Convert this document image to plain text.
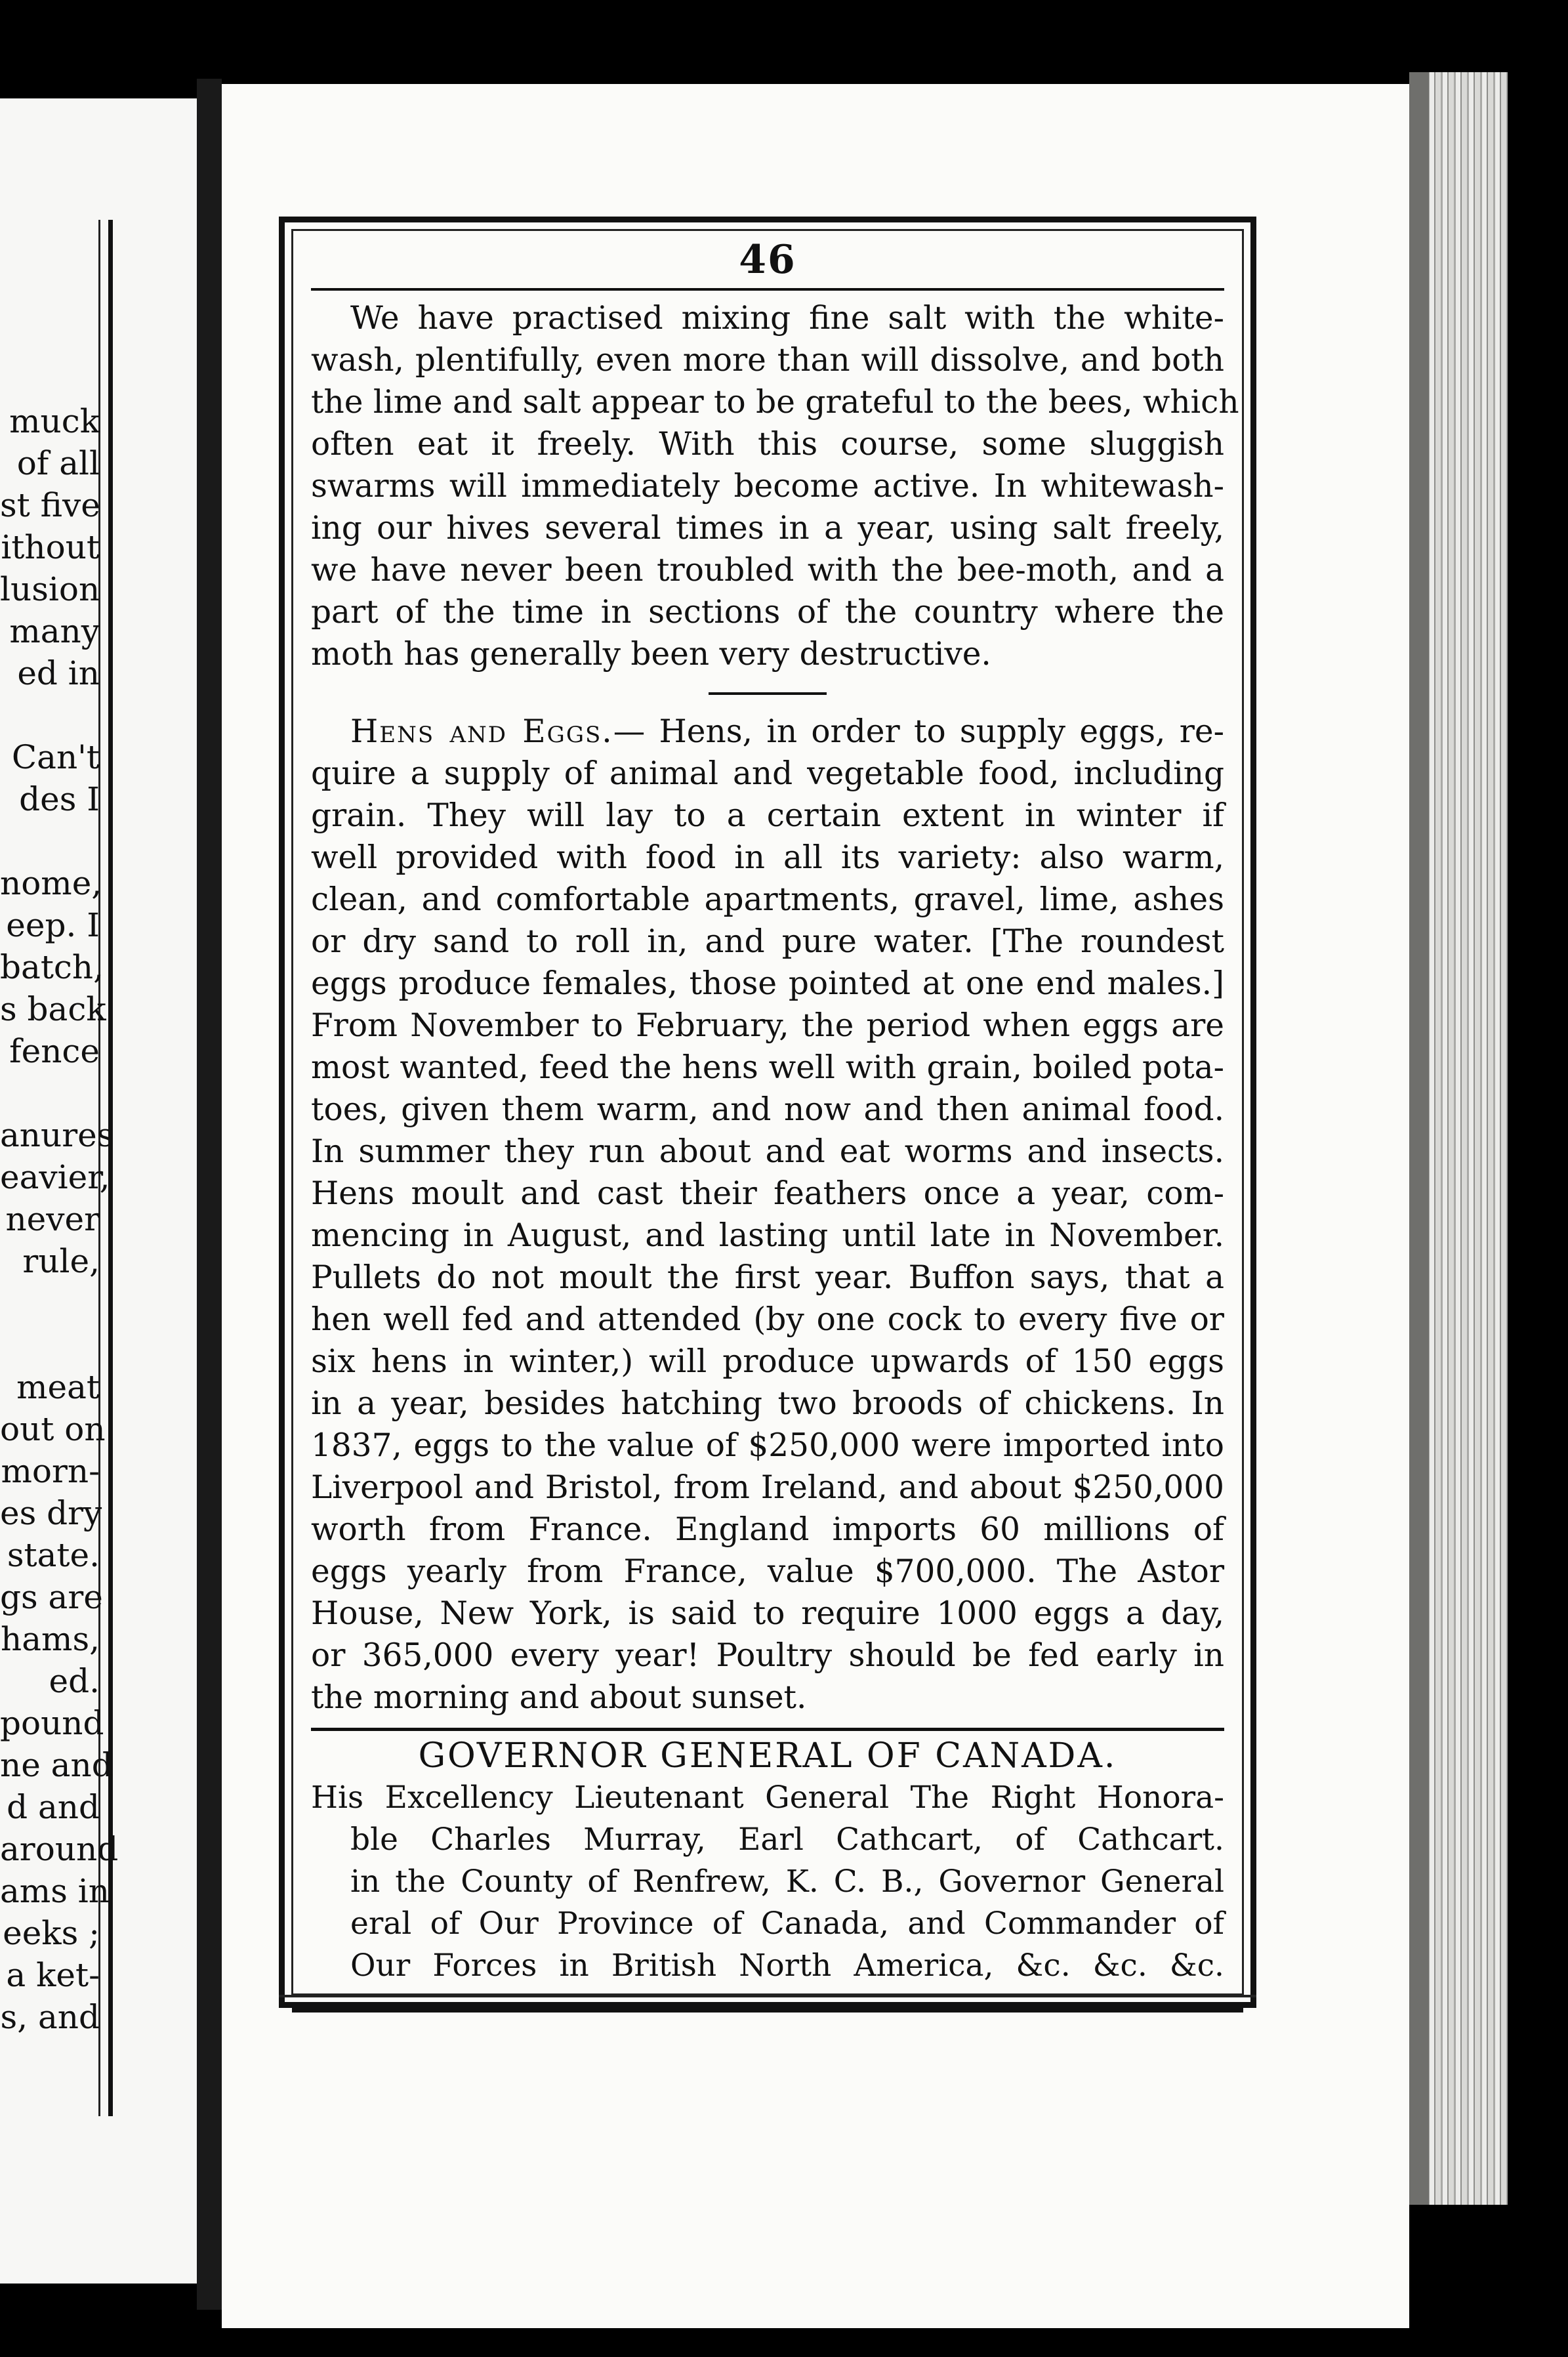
muck
of all
st five
ithout
lusion
many
ed in
Can't
des I
nome,
eep. I
batch,
s back
fence
anures
eavier,
never
rule,
meat
out on
morn-
es dry
state.
gs are
hams,
ed.
pound
ne and
d and
around
ams in
eeks ;
a ket-
s, and

46

We have practised mixing fine salt with the white-
wash, plentifully, even more than will dissolve, and both
the lime and salt appear to be grateful to the bees, which
often eat it freely. With this course, some sluggish
swarms will immediately become active. In whitewash-
ing our hives several times in a year, using salt freely,
we have never been troubled with the bee-moth, and a
part of the time in sections of the country where the
moth has generally been very destructive.

Hens and Eggs.— Hens, in order to supply eggs, re-
quire a supply of animal and vegetable food, including
grain. They will lay to a certain extent in winter if
well provided with food in all its variety: also warm,
clean, and comfortable apartments, gravel, lime, ashes
or dry sand to roll in, and pure water. [The roundest
eggs produce females, those pointed at one end males.]
From November to February, the period when eggs are
most wanted, feed the hens well with grain, boiled pota-
toes, given them warm, and now and then animal food.
In summer they run about and eat worms and insects.
Hens moult and cast their feathers once a year, com-
mencing in August, and lasting until late in November.
Pullets do not moult the first year. Buffon says, that a
hen well fed and attended (by one cock to every five or
six hens in winter,) will produce upwards of 150 eggs
in a year, besides hatching two broods of chickens. In
1837, eggs to the value of $250,000 were imported into
Liverpool and Bristol, from Ireland, and about $250,000
worth from France. England imports 60 millions of
eggs yearly from France, value $700,000. The Astor
House, New York, is said to require 1000 eggs a day,
or 365,000 every year! Poultry should be fed early in
the morning and about sunset.

GOVERNOR GENERAL OF CANADA.

His Excellency Lieutenant General The Right Honora-
ble Charles Murray, Earl Cathcart, of Cathcart.
in the County of Renfrew, K. C. B., Governor General
eral of Our Province of Canada, and Commander of
Our Forces in British North America, &c. &c. &c.
